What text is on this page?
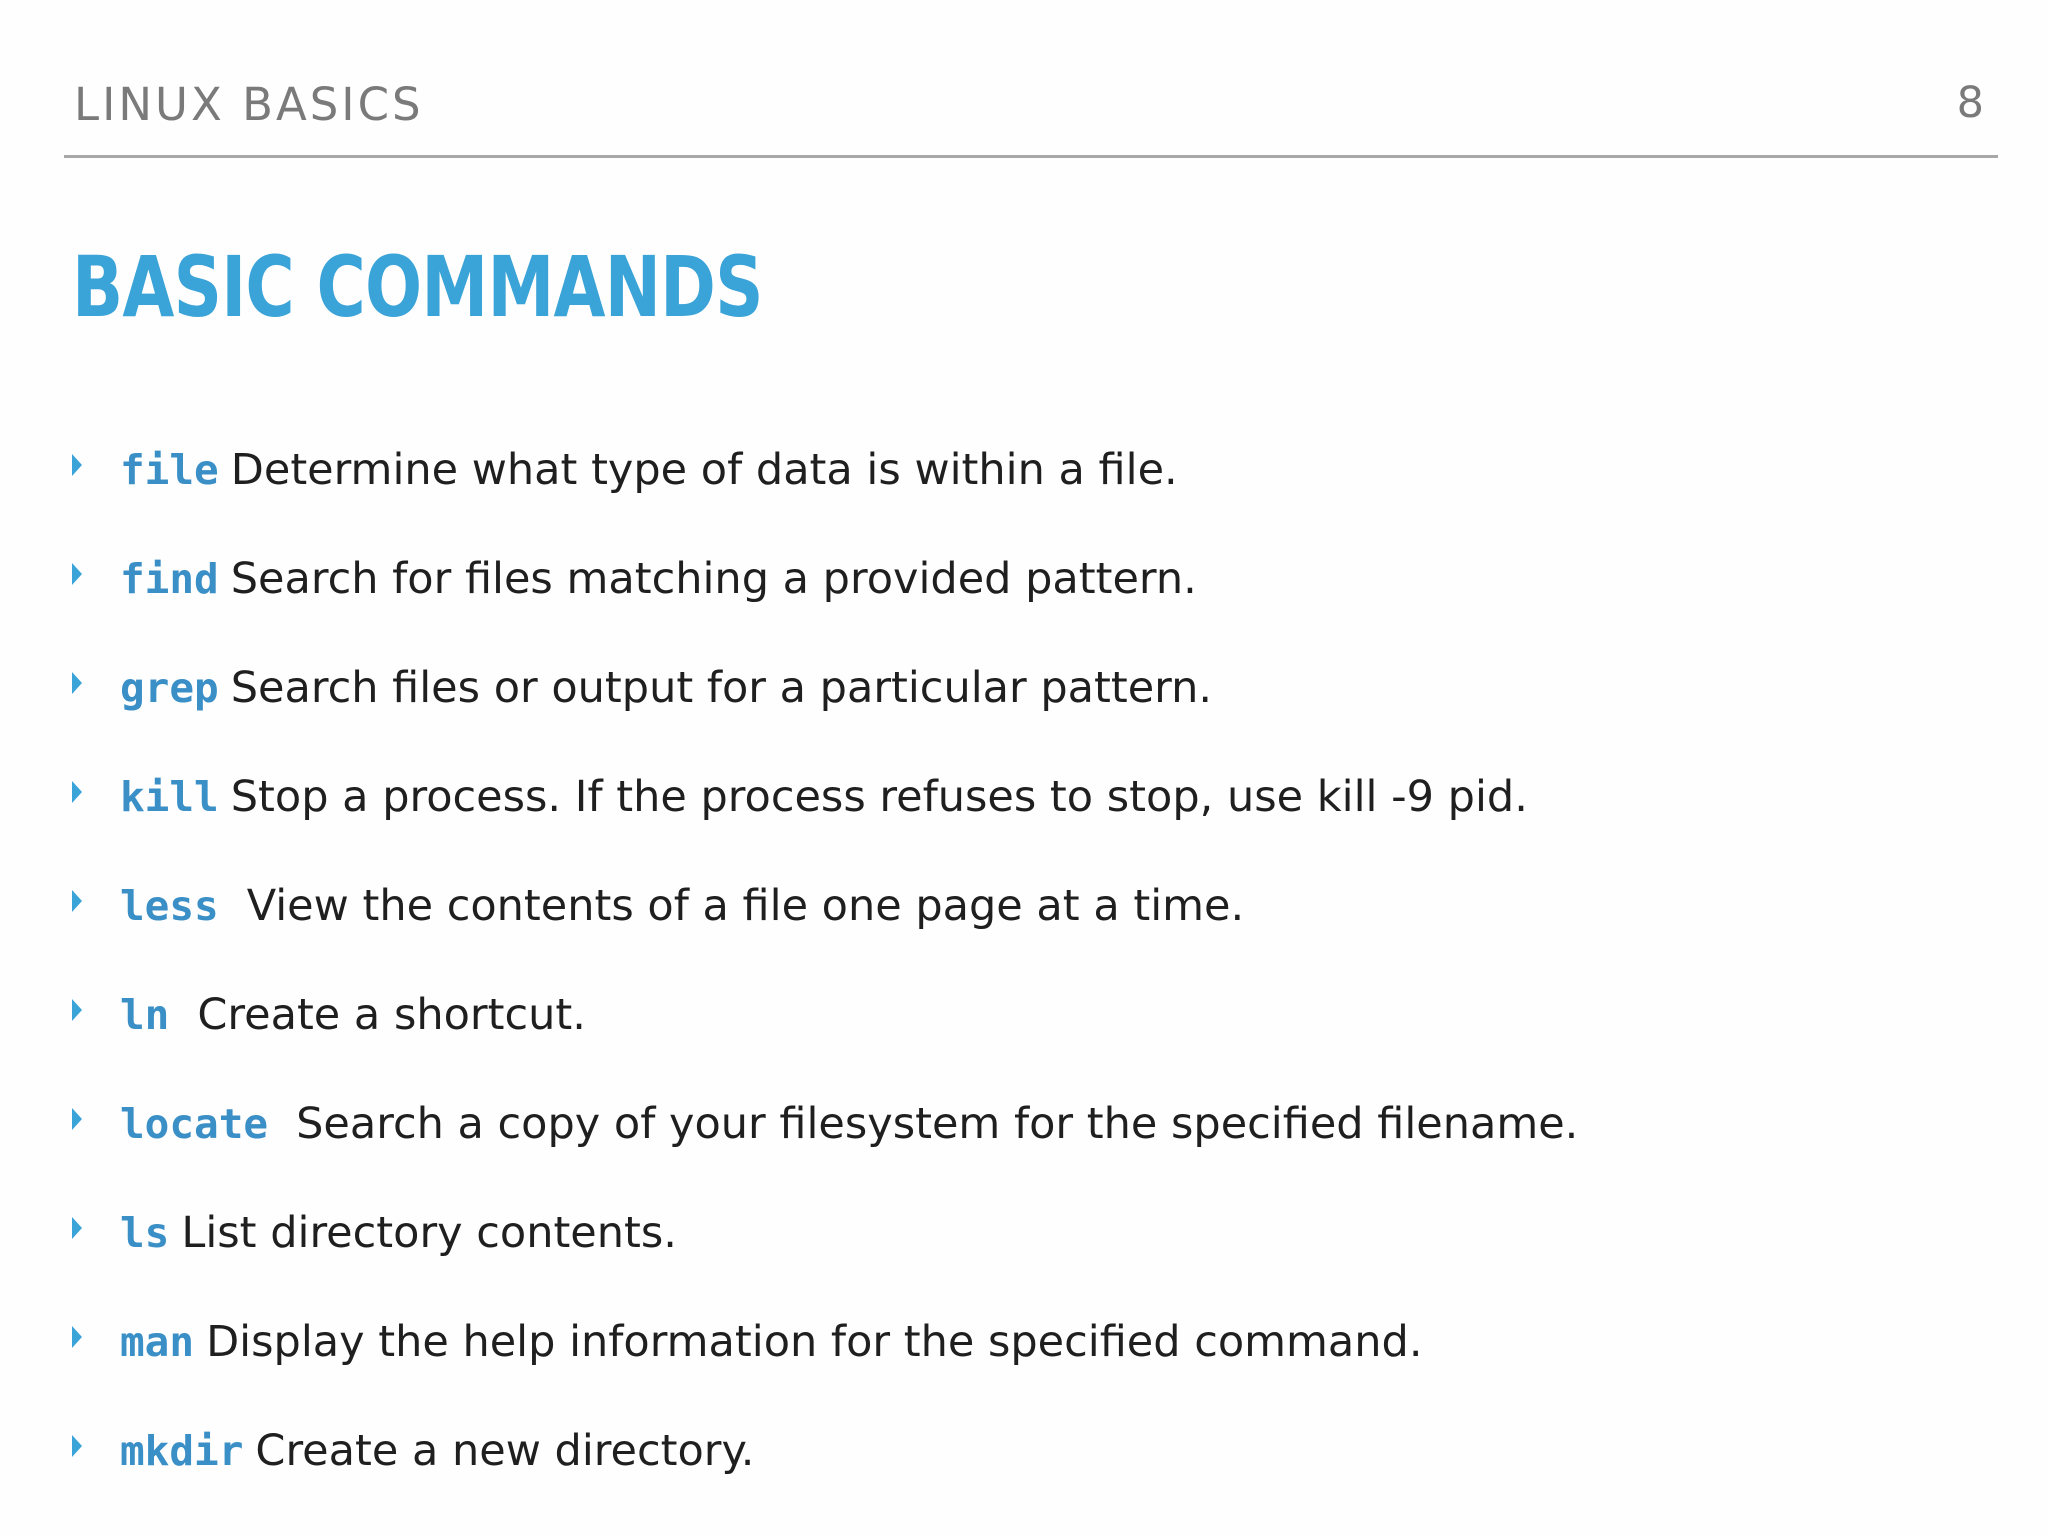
LINUX BASICS	8
BASIC COMMANDS
file Determine what type of data is within a file.
find Search for files matching a provided pattern.
grep Search files or output for a particular pattern.
kill Stop a process. If the process refuses to stop, use kill -9 pid.
less View the contents of a file one page at a time.
ln Create a shortcut.
locate Search a copy of your filesystem for the specified filename.
ls List directory contents.
man Display the help information for the specified command.
mkdir Create a new directory.
